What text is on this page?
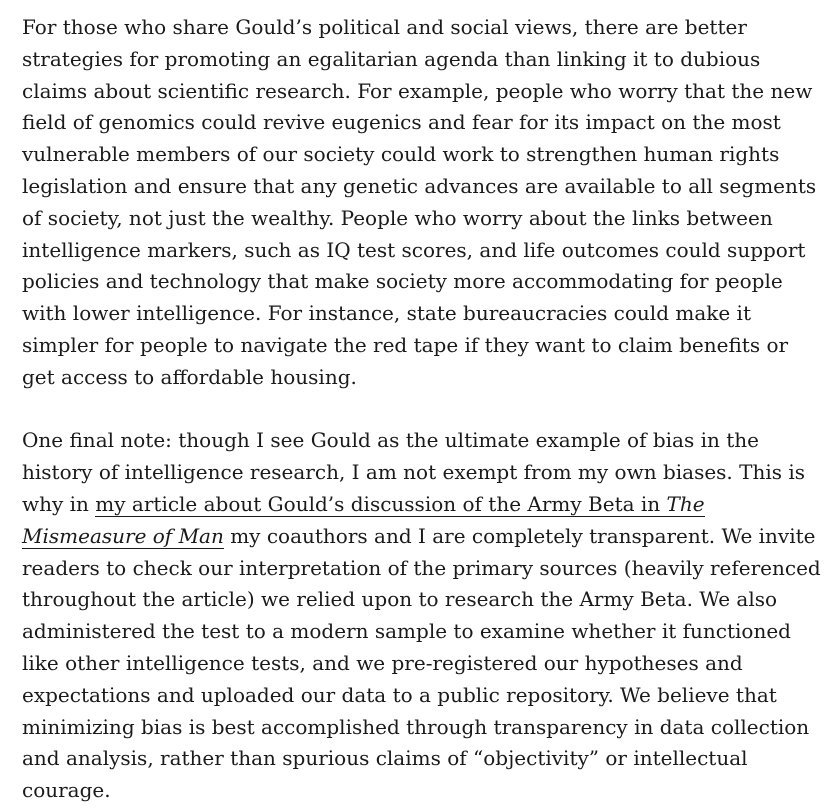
For those who share Gould’s political and social views, there are better strategies for promoting an egalitarian agenda than linking it to dubious claims about scientific research. For example, people who worry that the new field of genomics could revive eugenics and fear for its impact on the most vulnerable members of our society could work to strengthen human rights legislation and ensure that any genetic advances are available to all segments of society, not just the wealthy. People who worry about the links between intelligence markers, such as IQ test scores, and life outcomes could support policies and technology that make society more accommodating for people with lower intelligence. For instance, state bureaucracies could make it simpler for people to navigate the red tape if they want to claim benefits or get access to affordable housing.

One final note: though I see Gould as the ultimate example of bias in the history of intelligence research, I am not exempt from my own biases. This is why in my article about Gould’s discussion of the Army Beta in The Mismeasure of Man my coauthors and I are completely transparent. We invite readers to check our interpretation of the primary sources (heavily referenced throughout the article) we relied upon to research the Army Beta. We also administered the test to a modern sample to examine whether it functioned like other intelligence tests, and we pre-registered our hypotheses and expectations and uploaded our data to a public repository. We believe that minimizing bias is best accomplished through transparency in data collection and analysis, rather than spurious claims of “objectivity” or intellectual courage.
